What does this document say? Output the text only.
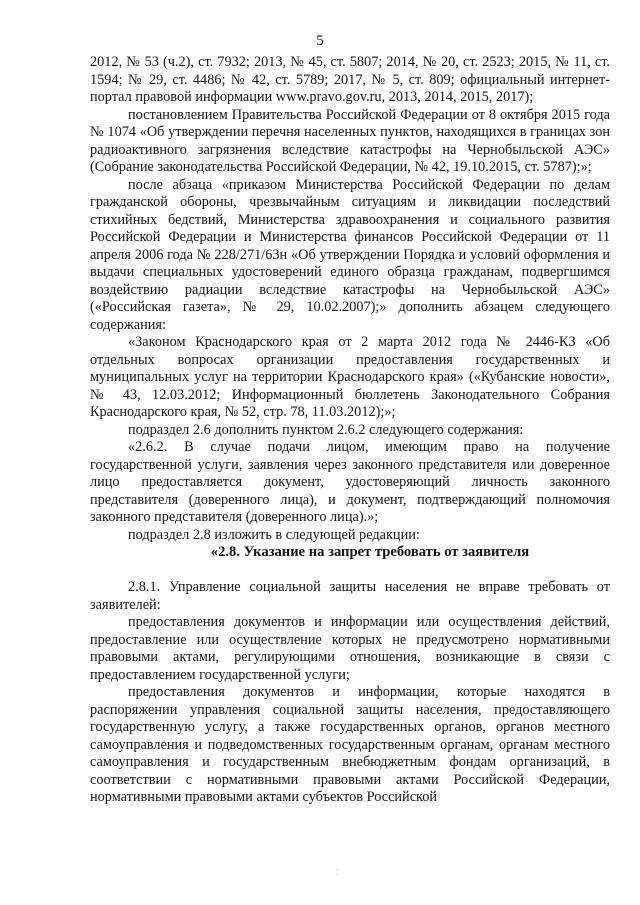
5

2012, № 53 (ч.2), ст. 7932; 2013, № 45, ст. 5807; 2014, № 20, ст. 2523; 2015, № 11, ст. 1594; № 29, ст. 4486; № 42, ст. 5789; 2017, № 5, ст. 809; официальный интернет-портал правовой информации www.pravo.gov.ru, 2013, 2014, 2015, 2017);

постановлением Правительства Российской Федерации от 8 октября 2015 года № 1074 «Об утверждении перечня населенных пунктов, находящихся в границах зон радиоактивного загрязнения вследствие катастрофы на Чернобыльской АЭС» (Собрание законодательства Российской Федерации, № 42, 19.10.2015, ст. 5787);»;

после абзаца «приказом Министерства Российской Федерации по делам гражданской обороны, чрезвычайным ситуациям и ликвидации последствий стихийных бедствий, Министерства здравоохранения и социального развития Российской Федерации и Министерства финансов Российской Федерации от 11 апреля 2006 года № 228/271/63н «Об утверждении Порядка и условий оформления и выдачи специальных удостоверений единого образца гражданам, подвергшимся воздействию радиации вследствие катастрофы на Чернобыльской АЭС» («Российская газета», № 29, 10.02.2007);» дополнить абзацем следующего содержания:

«Законом Краснодарского края от 2 марта 2012 года № 2446-КЗ «Об отдельных вопросах организации предоставления государственных и муниципальных услуг на территории Краснодарского края» («Кубанские новости», № 43, 12.03.2012; Информационный бюллетень Законодательного Собрания Краснодарского края, № 52, стр. 78, 11.03.2012);»;

подраздел 2.6 дополнить пунктом 2.6.2 следующего содержания:

«2.6.2. В случае подачи лицом, имеющим право на получение государственной услуги, заявления через законного представителя или доверенное лицо предоставляется документ, удостоверяющий личность законного представителя (доверенного лица), и документ, подтверждающий полномочия законного представителя (доверенного лица).»;

подраздел 2.8 изложить в следующей редакции:

«2.8. Указание на запрет требовать от заявителя

2.8.1. Управление социальной защиты населения не вправе требовать от заявителей:

предоставления документов и информации или осуществления действий, предоставление или осуществление которых не предусмотрено нормативными правовыми актами, регулирующими отношения, возникающие в связи с предоставлением государственной услуги;

предоставления документов и информации, которые находятся в распоряжении управления социальной защиты населения, предоставляющего государственную услугу, а также государственных органов, органов местного самоуправления и подведомственных государственным органам, органам местного самоуправления и государственным внебюджетным фондам организаций, в соответствии с нормативными правовыми актами Российской Федерации, нормативными правовыми актами субъектов Российской

⁚
